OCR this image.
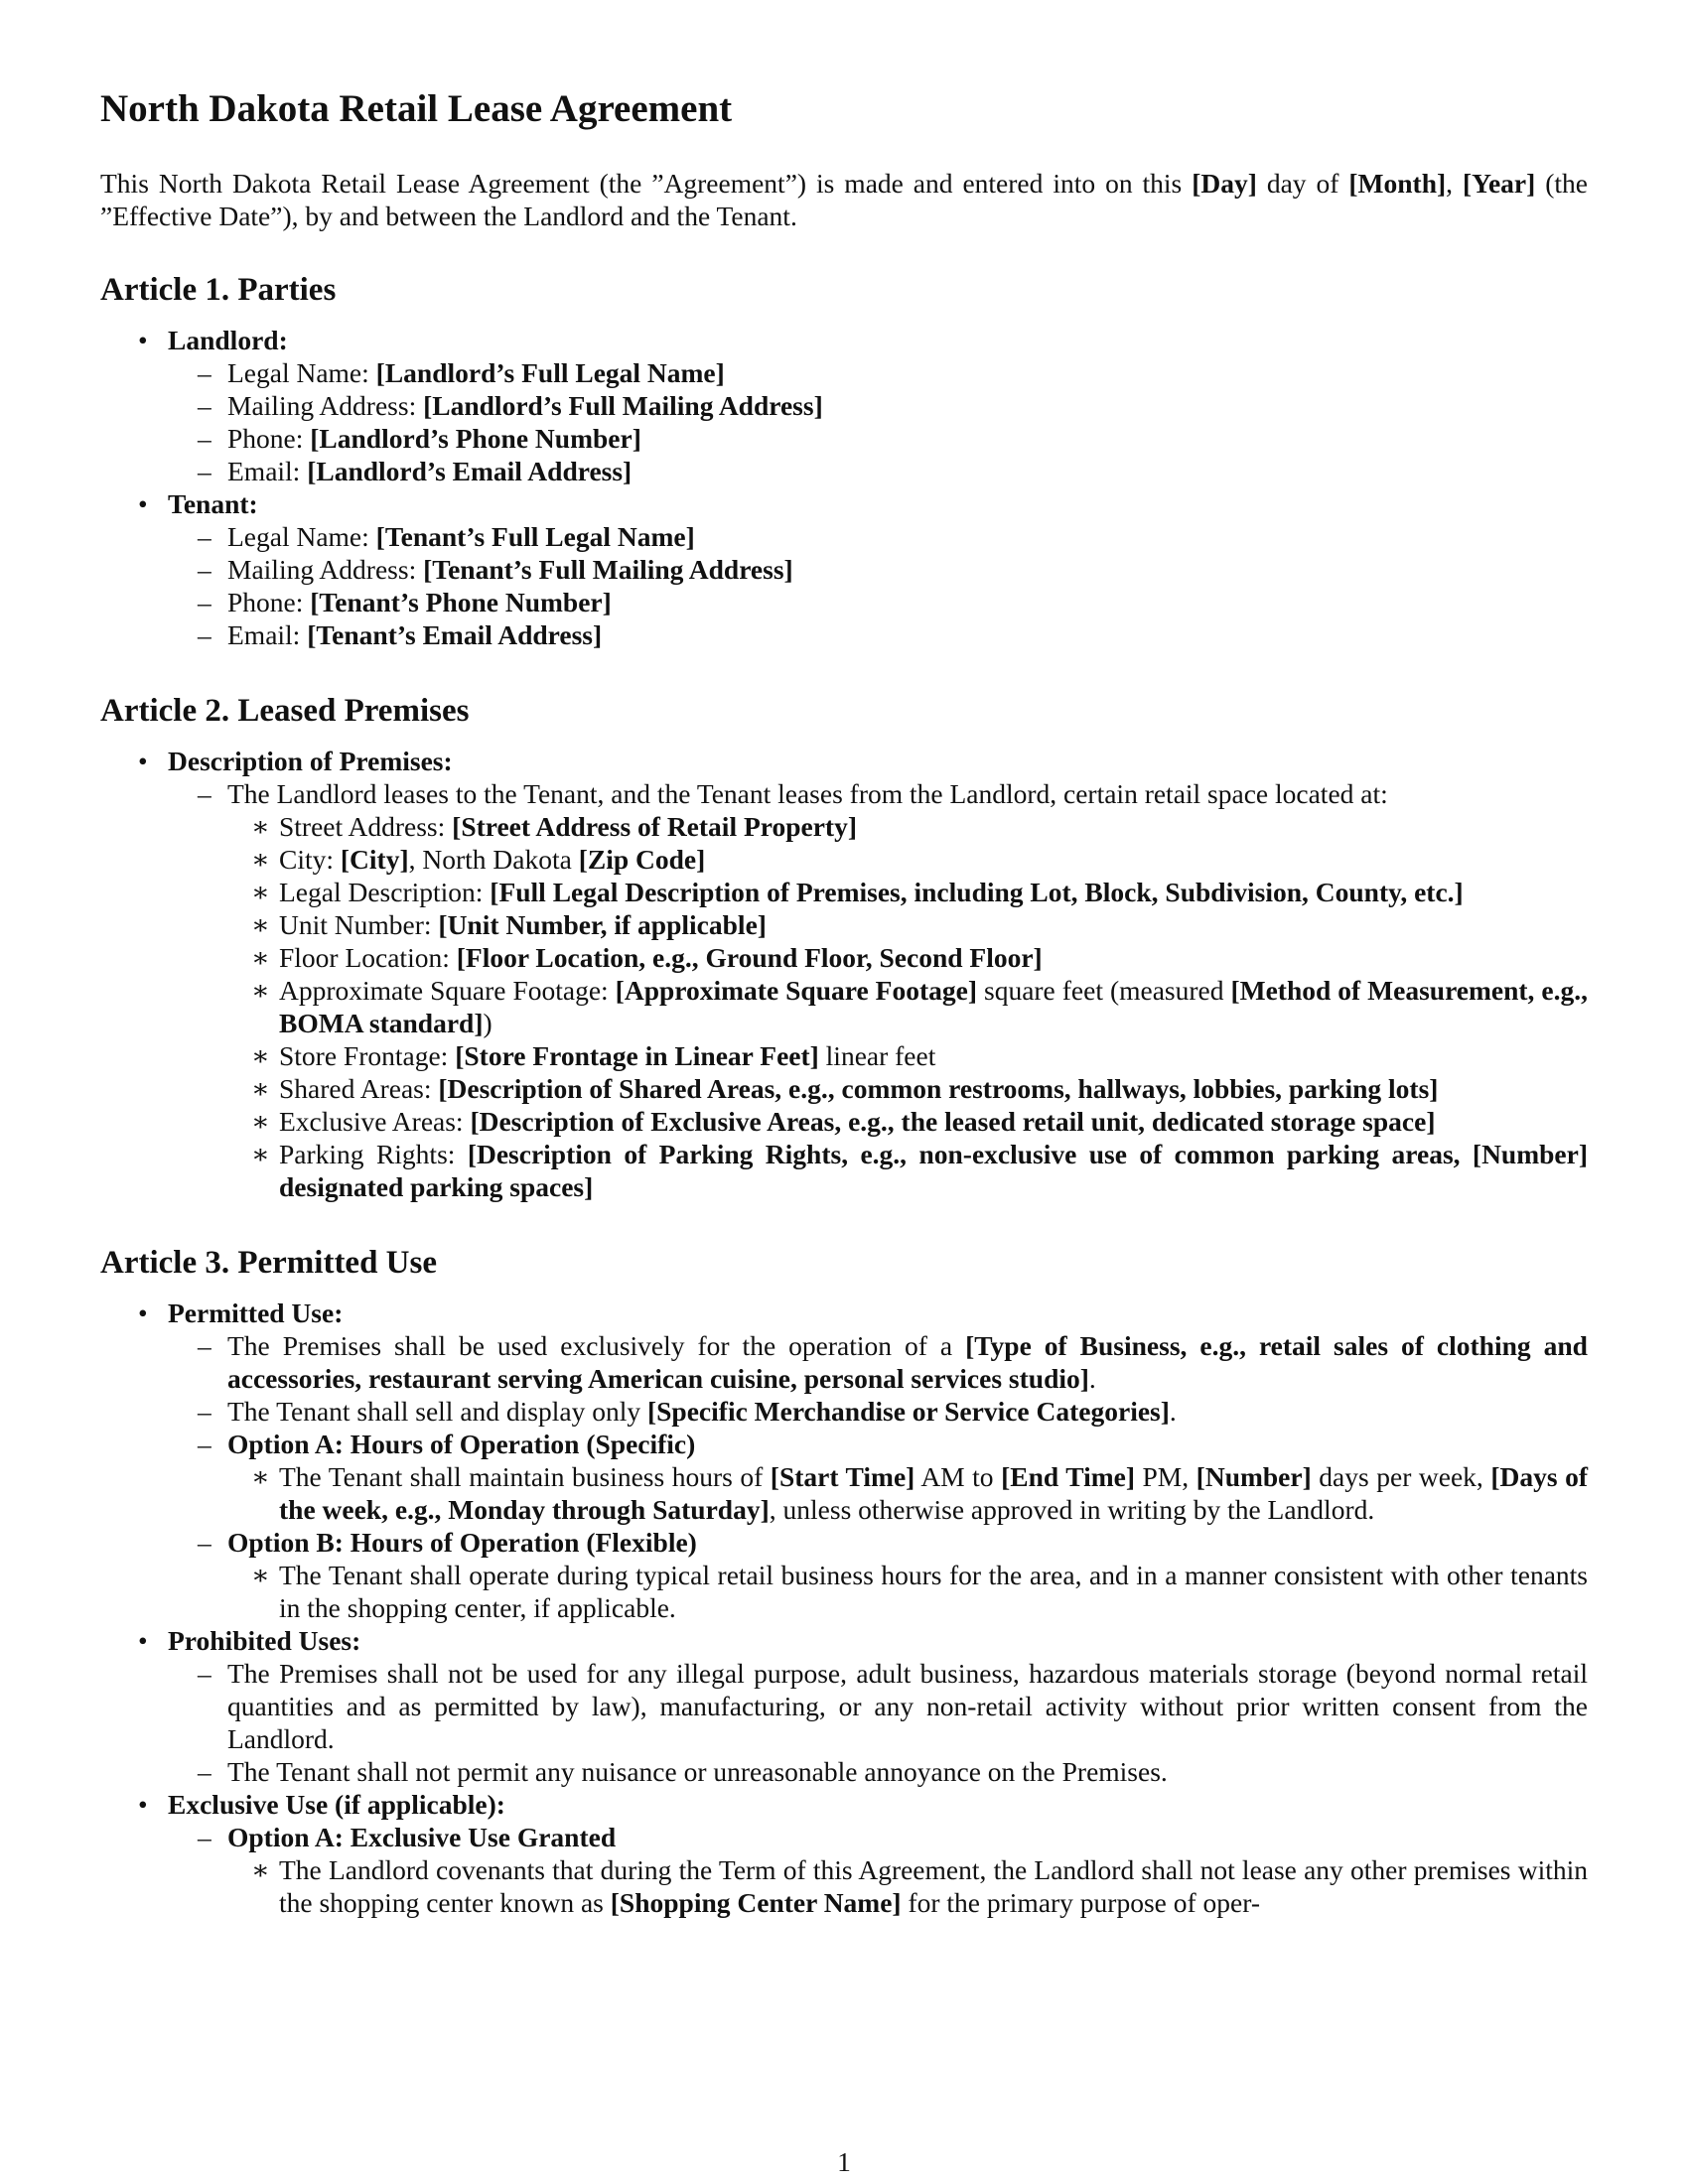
North Dakota Retail Lease Agreement

This North Dakota Retail Lease Agreement (the ”Agreement”) is made and entered into on this [Day] day of [Month], [Year] (the ”Effective Date”), by and between the Landlord and the Tenant.

Article 1. Parties
• Landlord:
– Legal Name: [Landlord’s Full Legal Name]
– Mailing Address: [Landlord’s Full Mailing Address]
– Phone: [Landlord’s Phone Number]
– Email: [Landlord’s Email Address]
• Tenant:
– Legal Name: [Tenant’s Full Legal Name]
– Mailing Address: [Tenant’s Full Mailing Address]
– Phone: [Tenant’s Phone Number]
– Email: [Tenant’s Email Address]
Article 2. Leased Premises
• Description of Premises:
– The Landlord leases to the Tenant, and the Tenant leases from the Landlord, certain retail space located at:
∗ Street Address: [Street Address of Retail Property]
∗ City: [City], North Dakota [Zip Code]
∗ Legal Description: [Full Legal Description of Premises, including Lot, Block, Subdivision, County, etc.]
∗ Unit Number: [Unit Number, if applicable]
∗ Floor Location: [Floor Location, e.g., Ground Floor, Second Floor]
∗ Approximate Square Footage: [Approximate Square Footage] square feet (measured [Method of Measurement, e.g., BOMA standard])
∗ Store Frontage: [Store Frontage in Linear Feet] linear feet
∗ Shared Areas: [Description of Shared Areas, e.g., common restrooms, hallways, lobbies, parking lots]
∗ Exclusive Areas: [Description of Exclusive Areas, e.g., the leased retail unit, dedicated storage space]
∗ Parking Rights: [Description of Parking Rights, e.g., non-exclusive use of common parking areas, [Number] designated parking spaces]
Article 3. Permitted Use
• Permitted Use:
– The Premises shall be used exclusively for the operation of a [Type of Business, e.g., retail sales of clothing and accessories, restaurant serving American cuisine, personal services studio].
– The Tenant shall sell and display only [Specific Merchandise or Service Categories].
– Option A: Hours of Operation (Specific)
∗ The Tenant shall maintain business hours of [Start Time] AM to [End Time] PM, [Number] days per week, [Days of the week, e.g., Monday through Saturday], unless otherwise approved in writing by the Landlord.
– Option B: Hours of Operation (Flexible)
∗ The Tenant shall operate during typical retail business hours for the area, and in a manner consistent with other tenants in the shopping center, if applicable.
• Prohibited Uses:
– The Premises shall not be used for any illegal purpose, adult business, hazardous materials storage (beyond normal retail quantities and as permitted by law), manufacturing, or any non-retail activity without prior written consent from the Landlord.
– The Tenant shall not permit any nuisance or unreasonable annoyance on the Premises.
• Exclusive Use (if applicable):
– Option A: Exclusive Use Granted
∗ The Landlord covenants that during the Term of this Agreement, the Landlord shall not lease any other premises within the shopping center known as [Shopping Center Name] for the primary purpose of oper-
1
